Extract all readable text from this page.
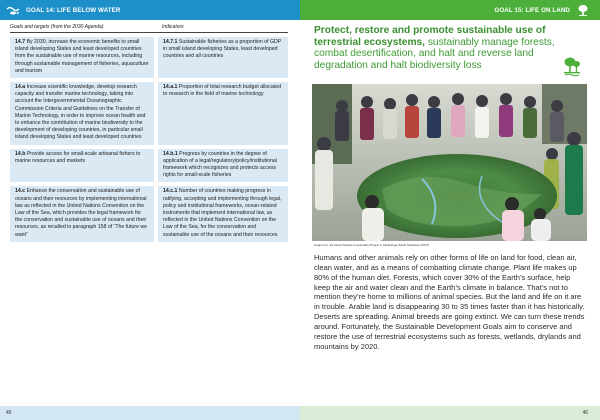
GOAL 14: LIFE BELOW WATER
Goals and targets (from the 2030 Agenda)	Indicators
14.7 By 2030, increase the economic benefits to small island developing States and least developed countries from the sustainable use of marine resources, including through sustainable management of fisheries, aquaculture and tourism
14.7.1 Sustainable fisheries as a proportion of GDP in small island developing States, least developed countries and all countries
14.a Increase scientific knowledge, develop research capacity and transfer marine technology, taking into account the Intergovernmental Oceanographic Commission Criteria and Guidelines on the Transfer of Marine Technology, in order to improve ocean health and to enhance the contribution of marine biodiversity to the development of developing countries, in particular small island developing States and least developed countries
14.a.1 Proportion of total research budget allocated to research in the field of marine technology
14.b Provide access for small-scale artisanal fishers to marine resources and markets
14.b.1 Progress by countries in the degree of application of a legal/regulatory/policy/institutional framework which recognizes and protects access rights for small-scale fisheries
14.c Enhance the conservation and sustainable use of oceans and their resources by implementing international law as reflected in the United Nations Convention on the Law of the Sea, which provides the legal framework for the conservation and sustainable use of oceans and their resources, as recalled in paragraph 158 of “The future we want”
14.c.1 Number of countries making progress in ratifying, accepting and implementing through legal, policy and institutional frameworks, ocean-related instruments that implement international law, as reflected in the United Nations Convention on the Law of the Sea, for the conservation and sustainable use of the oceans and their resources
45
GOAL 15: LIFE ON LAND
Protect, restore and promote sustainable use of terrestrial ecosystems, sustainably manage forests, combat desertification, and halt and reverse land degradation and halt biodiversity loss
Image from: the Island Tipsehe Conservation Project in Zambaruga (South Swansley) SOCIT
Humans and other animals rely on other forms of life on land for food, clean air, clean water, and as a means of combatting climate change. Plant life makes up 80% of the human diet. Forests, which cover 30% of the Earth’s surface, help keep the air and water clean and the Earth’s climate in balance. That’s not to mention they’re home to millions of animal species. But the land and life on it are in trouble. Arable land is disappearing 30 to 35 times faster than it has historically. Deserts are spreading. Animal breeds are going extinct. We can turn these trends around. Fortunately, the Sustainable Development Goals aim to conserve and restore the use of terrestrial ecosystems such as forests, wetlands, drylands and mountains by 2020.
46
